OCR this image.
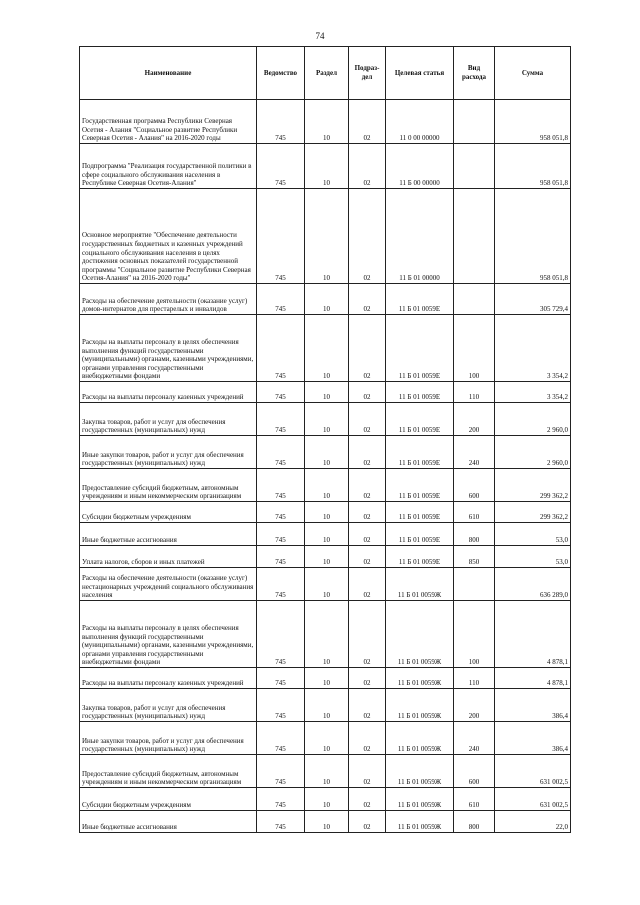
74
Наименование	Ведомство	Раздел	Подраз-дел	Целевая статья	Вид расхода	Сумма
Государственная программа Республики Северная Осетия - Алания "Социальное развитие Республики Северная Осетия - Алания" на 2016-2020 годы	745	10	02	11 0 00 00000		958 051,8
Подпрограмма "Реализация государственной политики в сфере социального обслуживания населения в Республике Северная Осетия-Алания"	745	10	02	11 Б 00 00000		958 051,8
Основное мероприятие "Обеспечение деятельности государственных бюджетных и казенных учреждений социального обслуживания населения в целях достижения основных показателей государственной программы "Социальное развитие Республики Северная Осетия-Алания" на 2016-2020 годы"	745	10	02	11 Б 01 00000		958 051,8
Расходы на обеспечение деятельности (оказание услуг) домов-интернатов для престарелых и инвалидов	745	10	02	11 Б 01 0059Е		305 729,4
Расходы на выплаты персоналу в целях обеспечения выполнения функций государственными (муниципальными) органами, казенными учреждениями, органами управления государственными внебюджетными фондами	745	10	02	11 Б 01 0059Е	100	3 354,2
Расходы на выплаты персоналу казенных учреждений	745	10	02	11 Б 01 0059Е	110	3 354,2
Закупка товаров, работ и услуг для обеспечения государственных (муниципальных) нужд	745	10	02	11 Б 01 0059Е	200	2 960,0
Иные закупки товаров, работ и услуг для обеспечения государственных (муниципальных) нужд	745	10	02	11 Б 01 0059Е	240	2 960,0
Предоставление субсидий бюджетным, автономным учреждениям и иным некоммерческим организациям	745	10	02	11 Б 01 0059Е	600	299 362,2
Субсидии бюджетным учреждениям	745	10	02	11 Б 01 0059Е	610	299 362,2
Иные бюджетные ассигнования	745	10	02	11 Б 01 0059Е	800	53,0
Уплата налогов, сборов и иных платежей	745	10	02	11 Б 01 0059Е	850	53,0
Расходы на обеспечение деятельности (оказание услуг) нестационарных учреждений социального обслуживания населения	745	10	02	11 Б 01 0059Ж		636 289,0
Расходы на выплаты персоналу в целях обеспечения выполнения функций государственными (муниципальными) органами, казенными учреждениями, органами управления государственными внебюджетными фондами	745	10	02	11 Б 01 0059Ж	100	4 878,1
Расходы на выплаты персоналу казенных учреждений	745	10	02	11 Б 01 0059Ж	110	4 878,1
Закупка товаров, работ и услуг для обеспечения государственных (муниципальных) нужд	745	10	02	11 Б 01 0059Ж	200	386,4
Иные закупки товаров, работ и услуг для обеспечения государственных (муниципальных) нужд	745	10	02	11 Б 01 0059Ж	240	386,4
Предоставление субсидий бюджетным, автономным учреждениям и иным некоммерческим организациям	745	10	02	11 Б 01 0059Ж	600	631 002,5
Субсидии бюджетным учреждениям	745	10	02	11 Б 01 0059Ж	610	631 002,5
Иные бюджетные ассигнования	745	10	02	11 Б 01 0059Ж	800	22,0
